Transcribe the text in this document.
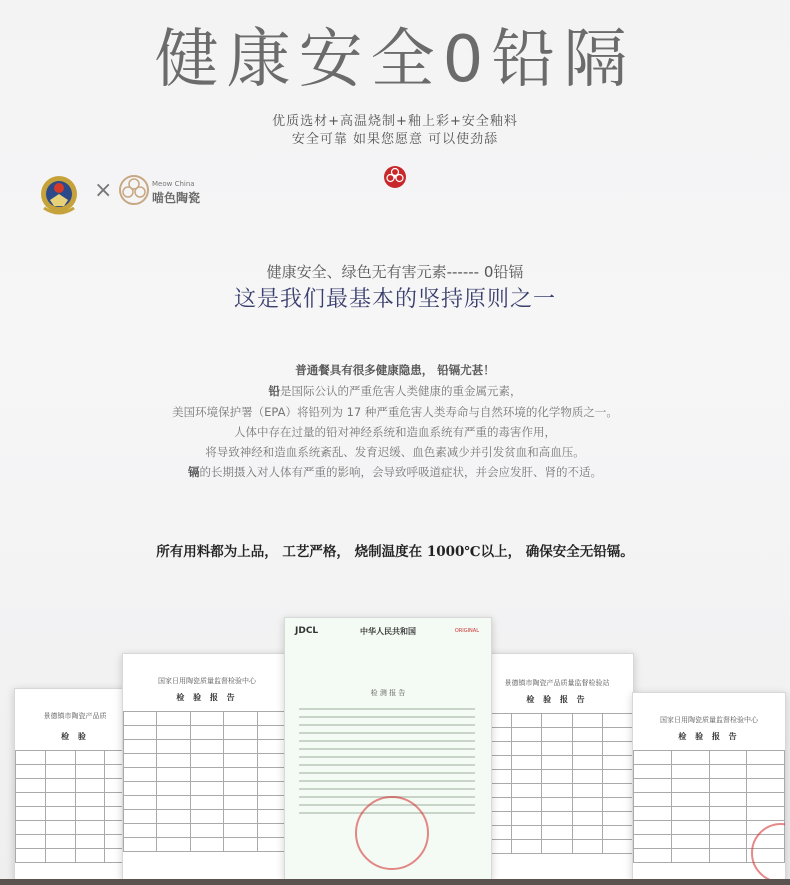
健康安全0铅隔
优质选材+高温烧制+釉上彩+安全釉料
安全可靠 如果您愿意 可以使劲舔
×	Meow China
喵色陶瓷
健康安全、绿色无有害元素------ 0铅镉
这是我们最基本的坚持原则之一
普通餐具有很多健康隐患， 铅镉尤甚！
铅是国际公认的严重危害人类健康的重金属元素，
美国环境保护署（EPA）将铅列为 17 种严重危害人类寿命与自然环境的化学物质之一。
人体中存在过量的铅对神经系统和造血系统有严重的毒害作用，
将导致神经和造血系统紊乱、发育迟缓、血色素减少并引发贫血和高血压。
镉的长期摄入对人体有严重的影响，会导致呼吸道症状，并会应发肝、肾的不适。
所有用料都为上品， 工艺严格， 烧制温度在 1000℃以上， 确保安全无铅镉。
景德镇市陶瓷产品质
检 验

国家日用陶瓷质量监督检验中心
检 验 报 告

景德镇市陶瓷产品质量监督检验站
检 验 报 告

国家日用陶瓷质量监督检验中心
检 验 报 告

JDCL	中华人民共和国	ORIGINAL
检 测 报 告
